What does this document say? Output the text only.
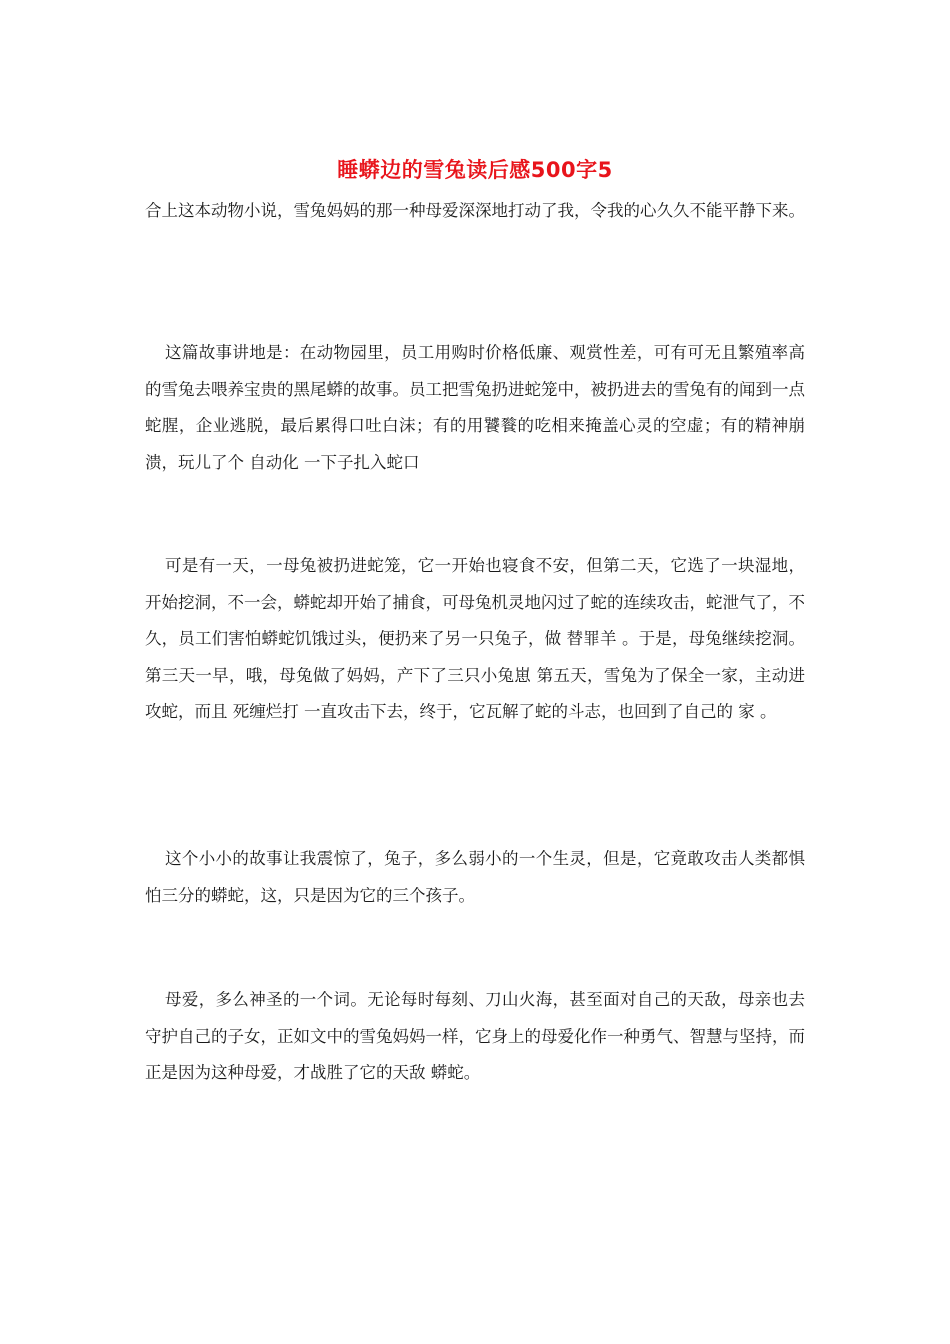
睡蟒边的雪兔读后感500字5

合上这本动物小说，雪兔妈妈的那一种母爱深深地打动了我，令我的心久久不能平静下来。

这篇故事讲地是：在动物园里，员工用购时价格低廉、观赏性差，可有可无且繁殖率高的雪兔去喂养宝贵的黑尾蟒的故事。员工把雪兔扔进蛇笼中，被扔进去的雪兔有的闻到一点蛇腥，企业逃脱，最后累得口吐白沫；有的用饕餮的吃相来掩盖心灵的空虚；有的精神崩溃，玩儿了个 自动化 一下子扎入蛇口

可是有一天，一母兔被扔进蛇笼，它一开始也寝食不安，但第二天，它选了一块湿地，开始挖洞，不一会，蟒蛇却开始了捕食，可母兔机灵地闪过了蛇的连续攻击，蛇泄气了，不久，员工们害怕蟒蛇饥饿过头，便扔来了另一只兔子，做 替罪羊 。于是，母兔继续挖洞。第三天一早，哦，母兔做了妈妈，产下了三只小兔崽 第五天，雪兔为了保全一家，主动进攻蛇，而且 死缠烂打 一直攻击下去，终于，它瓦解了蛇的斗志，也回到了自己的 家 。

这个小小的故事让我震惊了，兔子，多么弱小的一个生灵，但是，它竟敢攻击人类都惧怕三分的蟒蛇，这，只是因为它的三个孩子。

母爱，多么神圣的一个词。无论每时每刻、刀山火海，甚至面对自己的天敌，母亲也去守护自己的子女，正如文中的雪兔妈妈一样，它身上的母爱化作一种勇气、智慧与坚持，而正是因为这种母爱，才战胜了它的天敌 蟒蛇。
